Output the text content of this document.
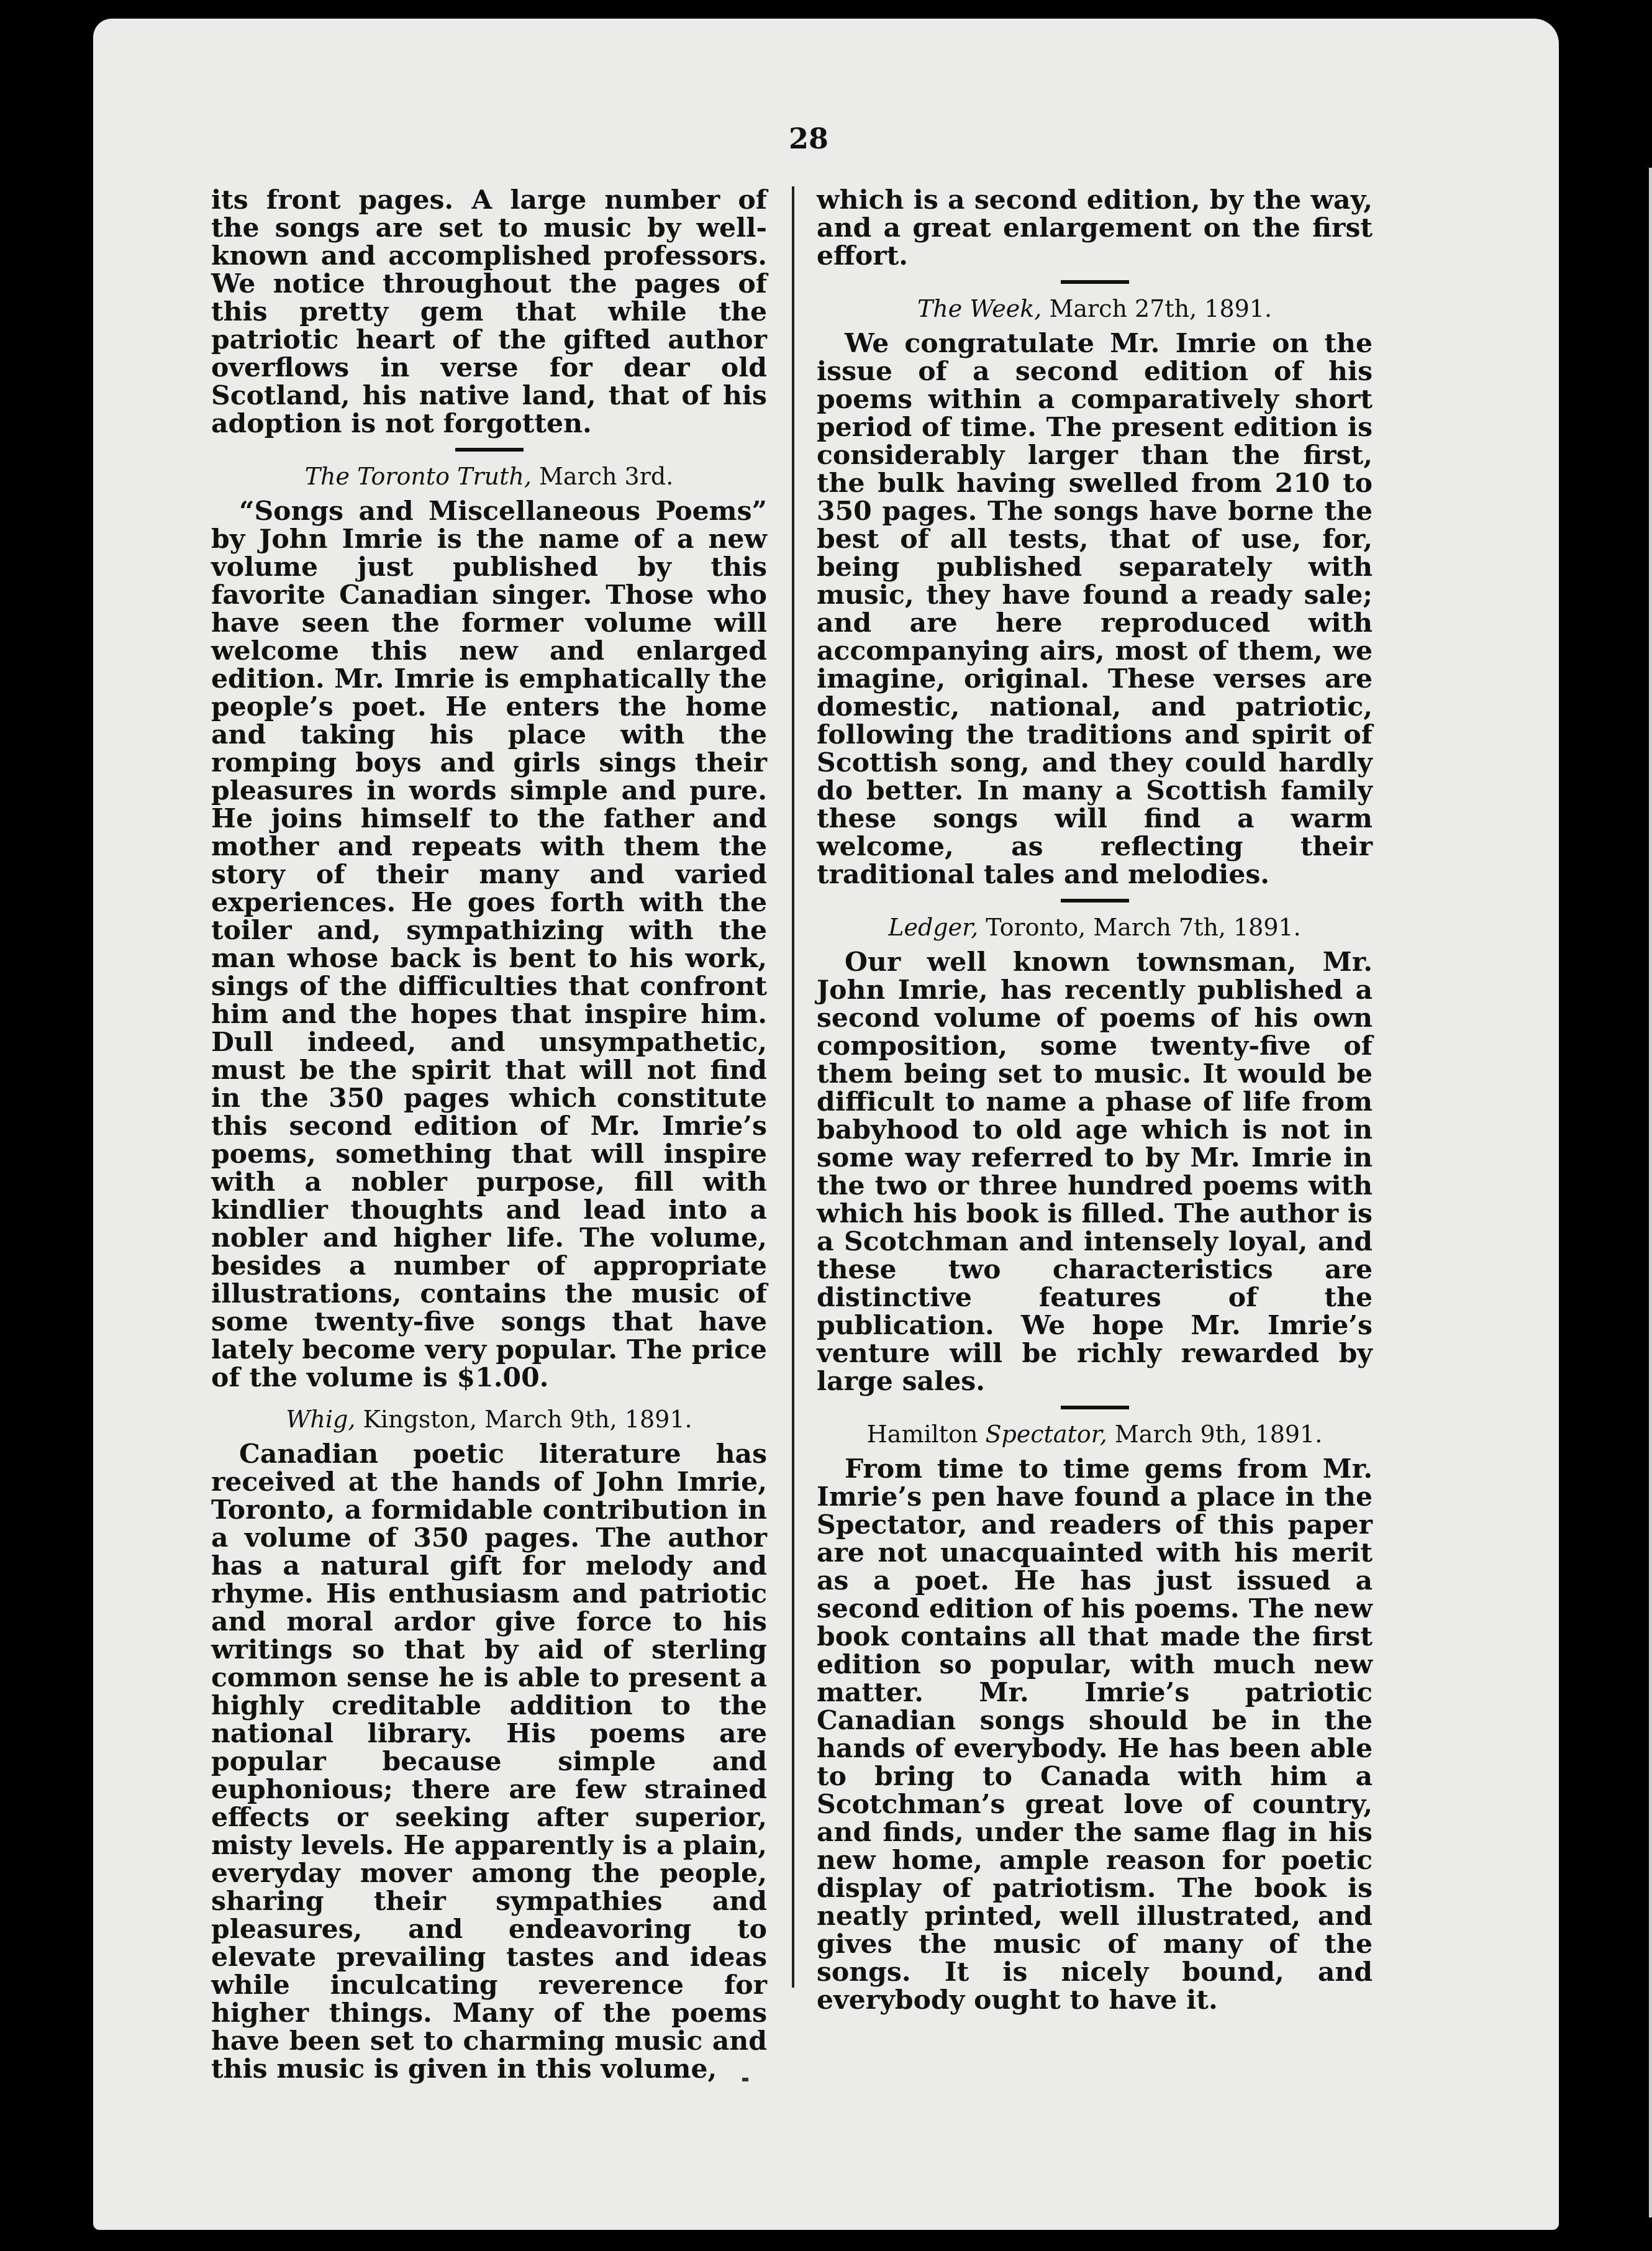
28

its front pages. A large number of the songs are set to music by well-known and accomplished professors. We notice throughout the pages of this pretty gem that while the patriotic heart of the gifted author overflows in verse for dear old Scotland, his native land, that of his adoption is not forgotten.

The Toronto Truth, March 3rd.

“Songs and Miscellaneous Poems” by John Imrie is the name of a new volume just published by this favorite Canadian singer. Those who have seen the former volume will welcome this new and enlarged edition. Mr. Imrie is emphatically the people’s poet. He enters the home and taking his place with the romping boys and girls sings their pleasures in words simple and pure. He joins himself to the father and mother and repeats with them the story of their many and varied experiences. He goes forth with the toiler and, sympathizing with the man whose back is bent to his work, sings of the difficulties that confront him and the hopes that inspire him. Dull indeed, and unsympathetic, must be the spirit that will not find in the 350 pages which constitute this second edition of Mr. Imrie’s poems, something that will inspire with a nobler purpose, fill with kindlier thoughts and lead into a nobler and higher life. The volume, besides a number of appropriate illustrations, contains the music of some twenty-five songs that have lately become very popular. The price of the volume is $1.00.

Whig, Kingston, March 9th, 1891.

Canadian poetic literature has received at the hands of John Imrie, Toronto, a formidable contribution in a volume of 350 pages. The author has a natural gift for melody and rhyme. His enthusiasm and patriotic and moral ardor give force to his writings so that by aid of sterling common sense he is able to present a highly creditable addition to the national library. His poems are popular because simple and euphonious; there are few strained effects or seeking after superior, misty levels. He apparently is a plain, everyday mover among the people, sharing their sympathies and pleasures, and endeavoring to elevate prevailing tastes and ideas while inculcating reverence for higher things. Many of the poems have been set to charming music and this music is given in this volume,

which is a second edition, by the way, and a great enlargement on the first effort.

The Week, March 27th, 1891.

We congratulate Mr. Imrie on the issue of a second edition of his poems within a comparatively short period of time. The present edition is considerably larger than the first, the bulk having swelled from 210 to 350 pages. The songs have borne the best of all tests, that of use, for, being published separately with music, they have found a ready sale; and are here reproduced with accompanying airs, most of them, we imagine, original. These verses are domestic, national, and patriotic, following the traditions and spirit of Scottish song, and they could hardly do better. In many a Scottish family these songs will find a warm welcome, as reflecting their traditional tales and melodies.

Ledger, Toronto, March 7th, 1891.

Our well known townsman, Mr. John Imrie, has recently published a second volume of poems of his own composition, some twenty-five of them being set to music. It would be difficult to name a phase of life from babyhood to old age which is not in some way referred to by Mr. Imrie in the two or three hundred poems with which his book is filled. The author is a Scotchman and intensely loyal, and these two characteristics are distinctive features of the publication. We hope Mr. Imrie’s venture will be richly rewarded by large sales.

Hamilton Spectator, March 9th, 1891.

From time to time gems from Mr. Imrie’s pen have found a place in the Spectator, and readers of this paper are not unacquainted with his merit as a poet. He has just issued a second edition of his poems. The new book contains all that made the first edition so popular, with much new matter. Mr. Imrie’s patriotic Canadian songs should be in the hands of everybody. He has been able to bring to Canada with him a Scotchman’s great love of country, and finds, under the same flag in his new home, ample reason for poetic display of patriotism. The book is neatly printed, well illustrated, and gives the music of many of the songs. It is nicely bound, and everybody ought to have it.
